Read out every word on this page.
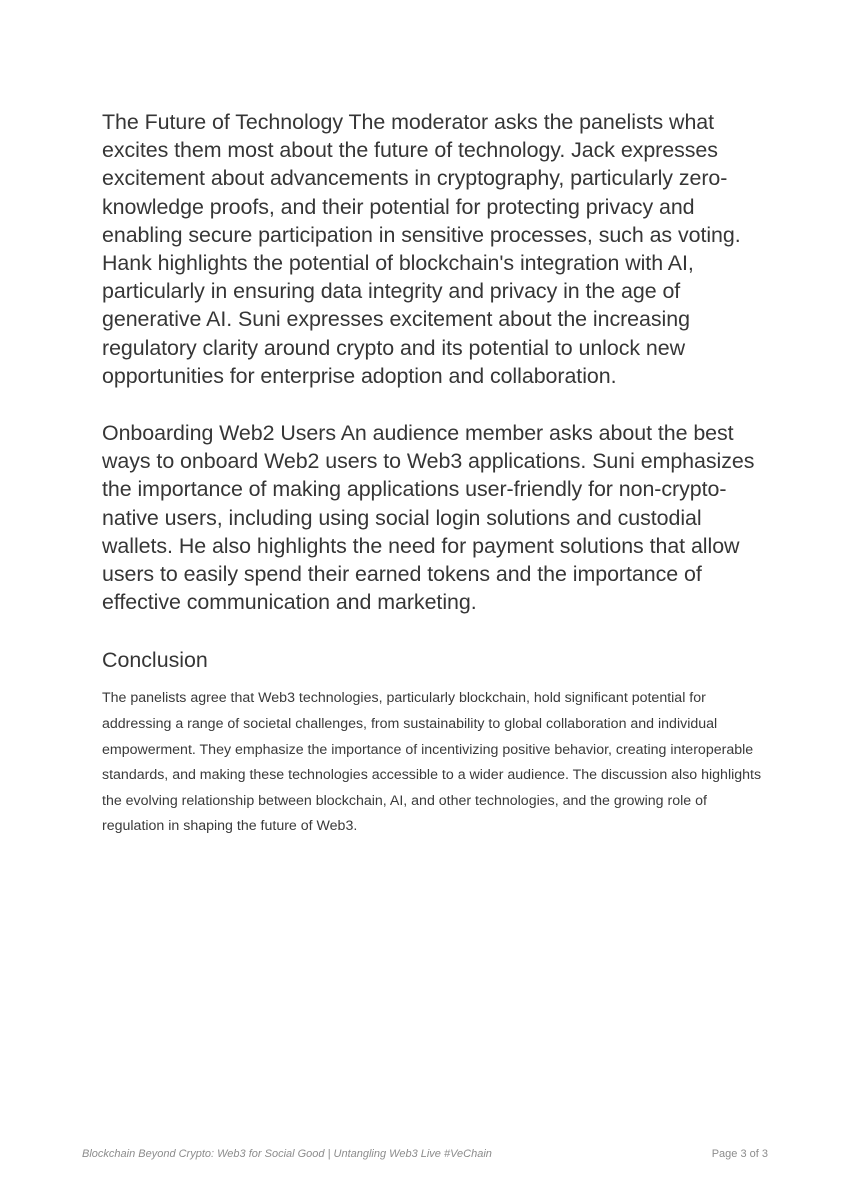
The Future of Technology The moderator asks the panelists what excites them most about the future of technology. Jack expresses excitement about advancements in cryptography, particularly zero-knowledge proofs, and their potential for protecting privacy and enabling secure participation in sensitive processes, such as voting. Hank highlights the potential of blockchain's integration with AI, particularly in ensuring data integrity and privacy in the age of generative AI. Suni expresses excitement about the increasing regulatory clarity around crypto and its potential to unlock new opportunities for enterprise adoption and collaboration.

Onboarding Web2 Users An audience member asks about the best ways to onboard Web2 users to Web3 applications. Suni emphasizes the importance of making applications user-friendly for non-crypto-native users, including using social login solutions and custodial wallets. He also highlights the need for payment solutions that allow users to easily spend their earned tokens and the importance of effective communication and marketing.

Conclusion

The panelists agree that Web3 technologies, particularly blockchain, hold significant potential for addressing a range of societal challenges, from sustainability to global collaboration and individual empowerment. They emphasize the importance of incentivizing positive behavior, creating interoperable standards, and making these technologies accessible to a wider audience. The discussion also highlights the evolving relationship between blockchain, AI, and other technologies, and the growing role of regulation in shaping the future of Web3.

Blockchain Beyond Crypto: Web3 for Social Good | Untangling Web3 Live #VeChain	Page 3 of 3
